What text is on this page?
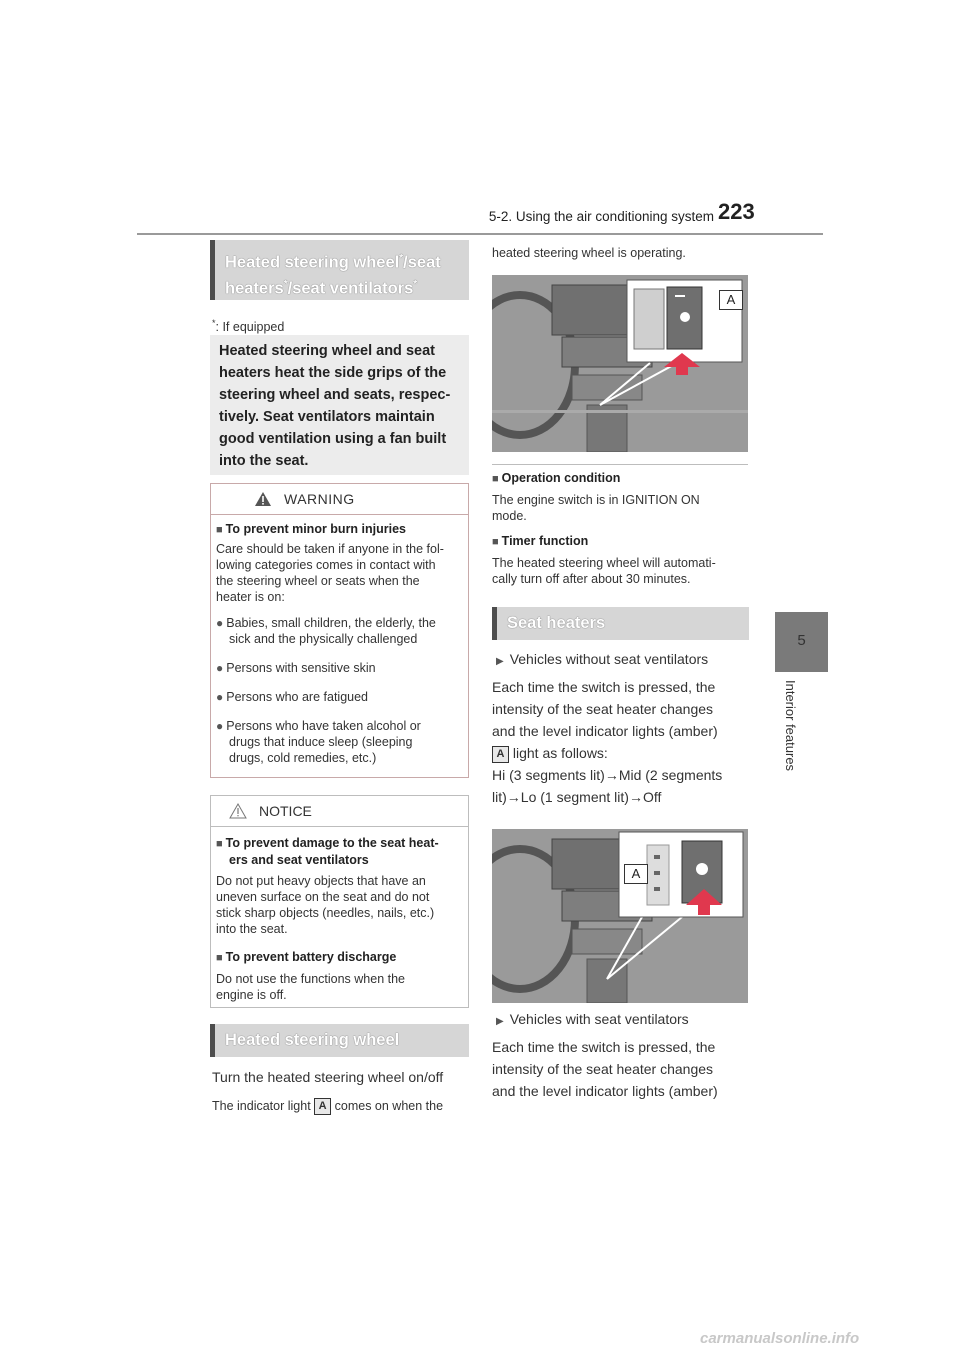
5-2. Using the air conditioning system 223
5
Interior features
Heated steering wheel*/seat
heaters*/seat ventilators*
*: If equipped
Heated steering wheel and seat
heaters heat the side grips of the
steering wheel and seats, respec-
tively. Seat ventilators maintain
good ventilation using a fan built
into the seat.
WARNING
■ To prevent minor burn injuries
Care should be taken if anyone in the fol-
lowing categories comes in contact with
the steering wheel or seats when the
heater is on:
● Babies, small children, the elderly, the
sick and the physically challenged
● Persons with sensitive skin
● Persons who are fatigued
● Persons who have taken alcohol or
drugs that induce sleep (sleeping
drugs, cold remedies, etc.)
NOTICE
■ To prevent damage to the seat heat-
ers and seat ventilators
Do not put heavy objects that have an
uneven surface on the seat and do not
stick sharp objects (needles, nails, etc.)
into the seat.
■ To prevent battery discharge
Do not use the functions when the
engine is off.
Heated steering wheel
Turn the heated steering wheel on/off
The indicator light A comes on when the
heated steering wheel is operating.
A
■ Operation condition
The engine switch is in IGNITION ON
mode.
■ Timer function
The heated steering wheel will automati-
cally turn off after about 30 minutes.
Seat heaters
▶ Vehicles without seat ventilators
Each time the switch is pressed, the
intensity of the seat heater changes
and the level indicator lights (amber)
A light as follows:
Hi (3 segments lit)→Mid (2 segments
lit)→Lo (1 segment lit)→Off
A
▶ Vehicles with seat ventilators
Each time the switch is pressed, the
intensity of the seat heater changes
and the level indicator lights (amber)
carmanualsonline.info
